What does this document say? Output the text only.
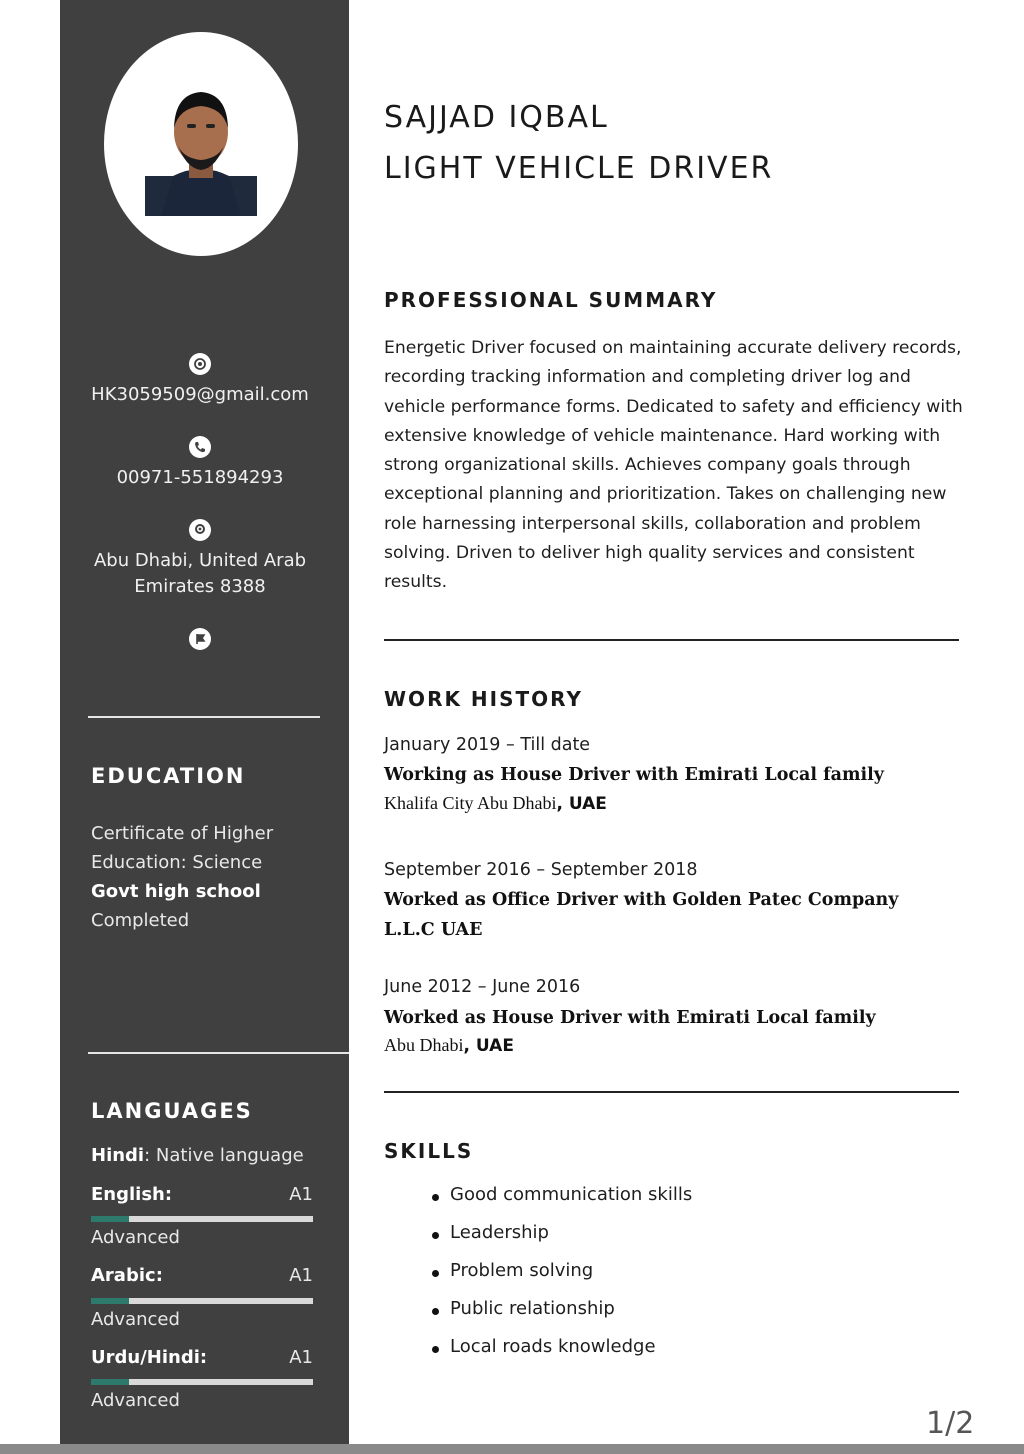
HK3059509@gmail.com
00971-551894293
Abu Dhabi, United Arab
Emirates 8388
EDUCATION
Certificate of Higher
Education: Science
Govt high school
Completed
LANGUAGES
Hindi: Native language
English:	A1
Advanced
Arabic:	A1
Advanced
Urdu/Hindi:	A1
Advanced
SAJJAD IQBAL
LIGHT VEHICLE DRIVER
PROFESSIONAL SUMMARY

Energetic Driver focused on maintaining accurate delivery records, recording tracking information and completing driver log and vehicle performance forms. Dedicated to safety and efficiency with extensive knowledge of vehicle maintenance. Hard working with strong organizational skills. Achieves company goals through exceptional planning and prioritization. Takes on challenging new role harnessing interpersonal skills, collaboration and problem solving. Driven to deliver high quality services and consistent results.

WORK HISTORY
January 2019 – Till date
Working as House Driver with Emirati Local family
Khalifa City Abu Dhabi, UAE
September 2016 – September 2018
Worked as Office Driver with Golden Patec Company L.L.C UAE
June 2012 – June 2016
Worked as House Driver with Emirati Local family
Abu Dhabi, UAE
SKILLS
Good communication skills
Leadership
Problem solving
Public relationship
Local roads knowledge
1/2
